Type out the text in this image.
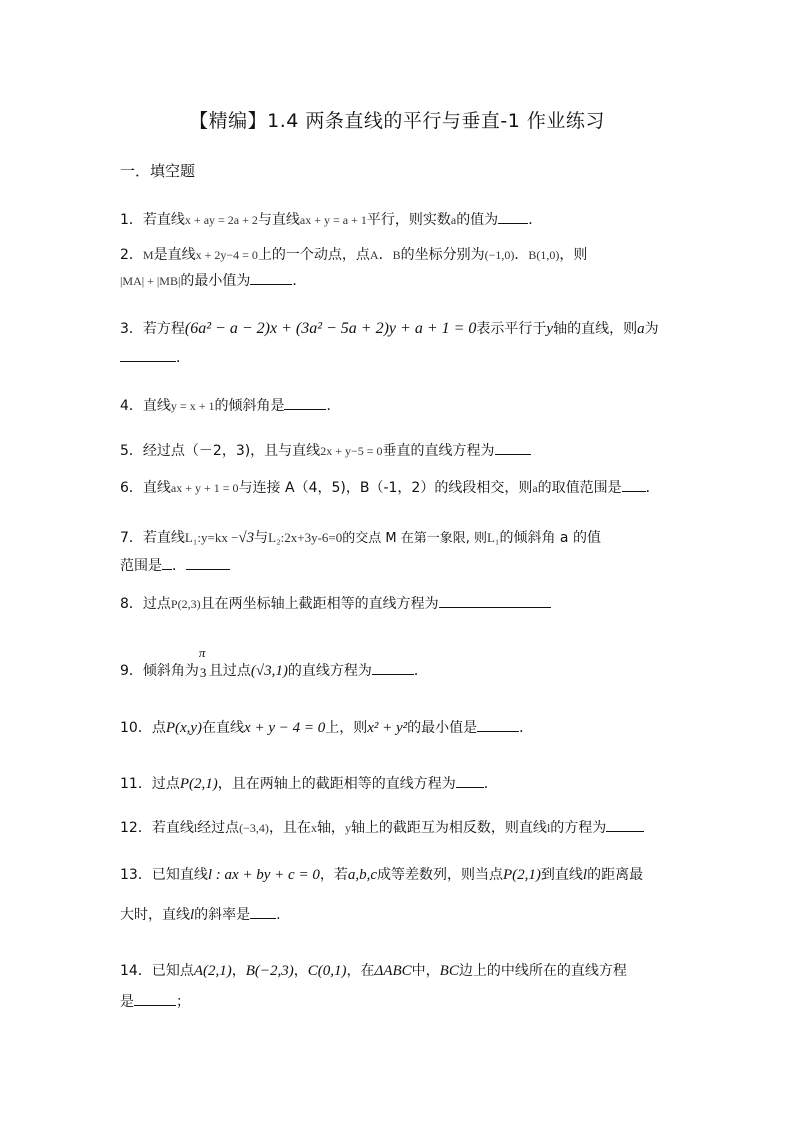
【精编】1.4 两条直线的平行与垂直-1 作业练习
一．填空题
1．若直线x + ay = 2a + 2与直线ax + y = a + 1平行，则实数a的值为 ．
2．M是直线x + 2y−4 = 0上的一个动点，点A．B的坐标分别为(−1,0)．B(1,0)，则
|MA| + |MB|的最小值为	．
3．若方程(6a² − a − 2)x + (3a² − 5a + 2)y + a + 1 = 0表示平行于y轴的直线，则a为
．
4．直线y = x + 1的倾斜角是	．
5．经过点（－2，3)，且与直线2x + y−5 = 0垂直的直线方程为
6．直线ax + y + 1 = 0与连接 A（4，5)，B（-1，2）的线段相交，则a的取值范围是 ．
7．若直线L₁:y=kx −√3与L₂:2x+3y-6=0的交点 M 在第一象限, 则L₁的倾斜角 a 的值
范围是 ．
8．过点P(2,3)且在两坐标轴上截距相等的直线方程为
9．倾斜角为
π
3 且过点(√3,1)的直线方程为	．
10．点P(x,y)在直线x + y − 4 = 0上，则x² + y²的最小值是	．
11．过点P(2,1)，且在两轴上的截距相等的直线方程为 ．
12．若直线l经过点(−3,4)，且在x轴，y轴上的截距互为相反数，则直线l的方程为
13．已知直线l : ax + by + c = 0，若a,b,c成等差数列，则当点P(2,1)到直线l的距离最
大时，直线l的斜率是 .
14．已知点A(2,1)，B(−2,3)，C(0,1)，在ΔABC中，BC边上的中线所在的直线方程
是	；
